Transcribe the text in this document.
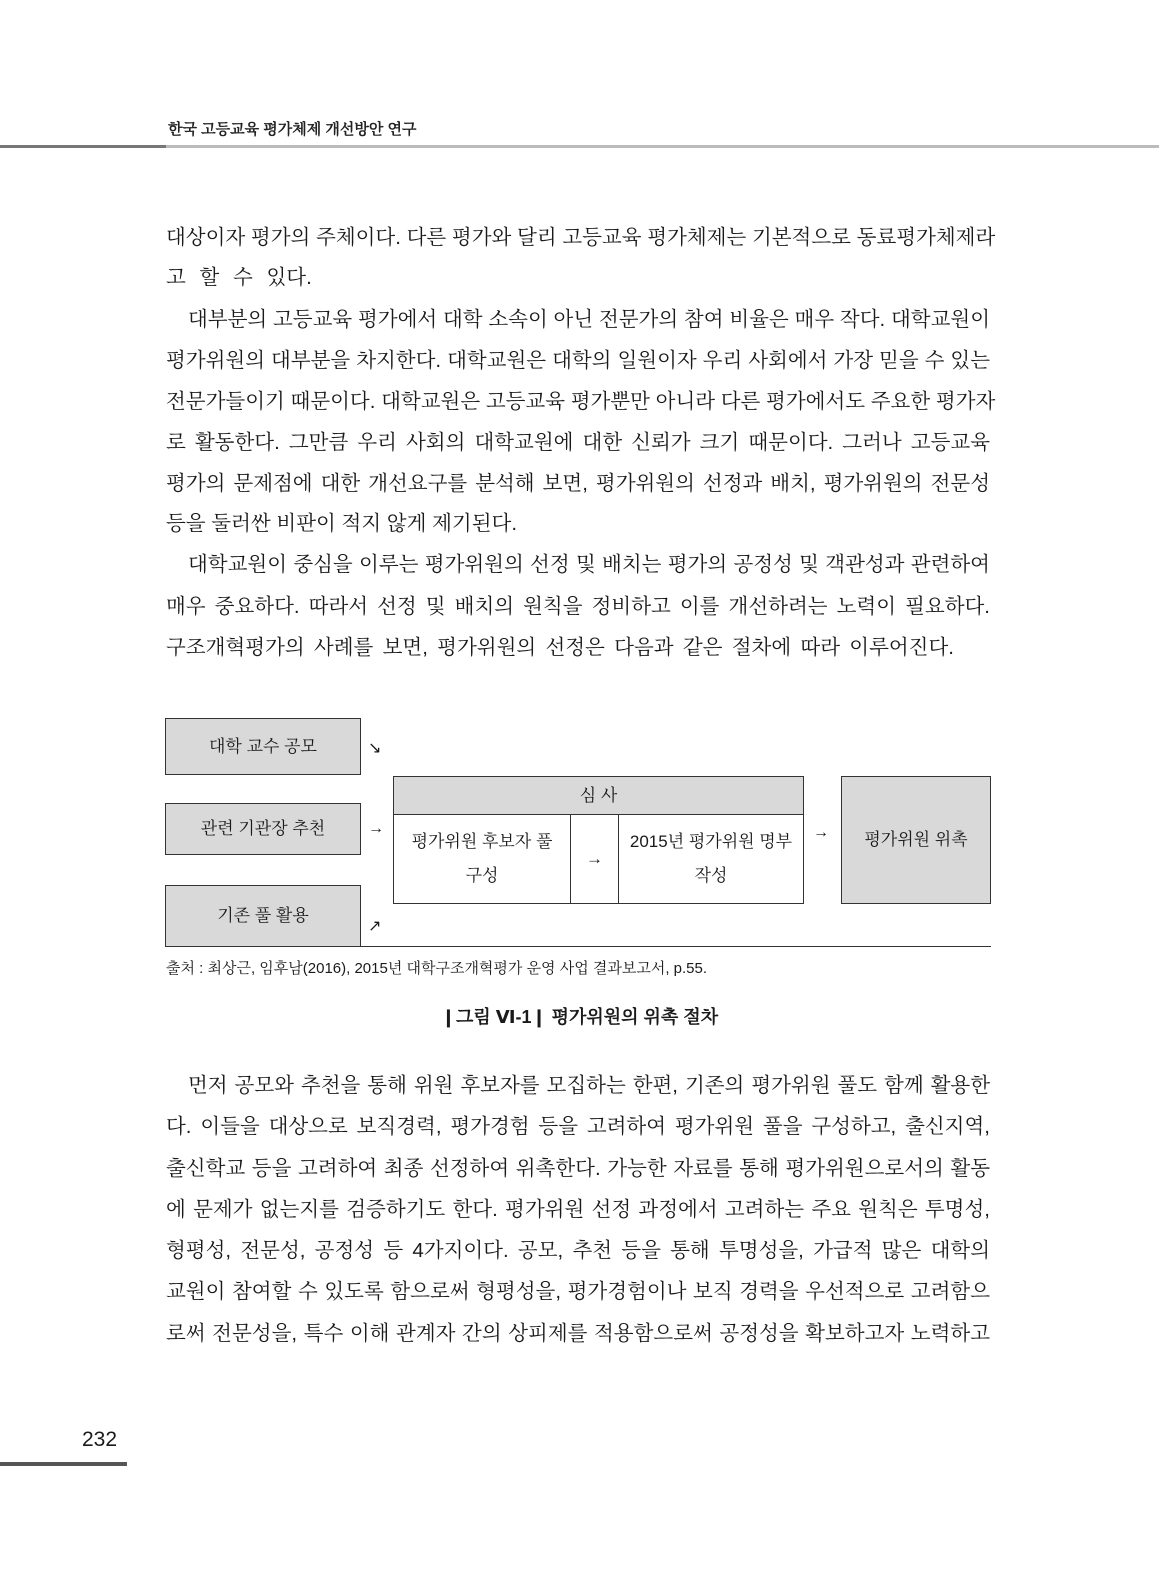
한국 고등교육 평가체제 개선방안 연구
대상이자 평가의 주체이다. 다른 평가와 달리 고등교육 평가체제는 기본적으로 동료평가체제라
고 할 수 있다.
대부분의 고등교육 평가에서 대학 소속이 아닌 전문가의 참여 비율은 매우 작다. 대학교원이
평가위원의 대부분을 차지한다. 대학교원은 대학의 일원이자 우리 사회에서 가장 믿을 수 있는
전문가들이기 때문이다. 대학교원은 고등교육 평가뿐만 아니라 다른 평가에서도 주요한 평가자
로 활동한다. 그만큼 우리 사회의 대학교원에 대한 신뢰가 크기 때문이다. 그러나 고등교육
평가의 문제점에 대한 개선요구를 분석해 보면, 평가위원의 선정과 배치, 평가위원의 전문성
등을 둘러싼 비판이 적지 않게 제기된다.
대학교원이 중심을 이루는 평가위원의 선정 및 배치는 평가의 공정성 및 객관성과 관련하여
매우 중요하다. 따라서 선정 및 배치의 원칙을 정비하고 이를 개선하려는 노력이 필요하다.
구조개혁평가의 사례를 보면, 평가위원의 선정은 다음과 같은 절차에 따라 이루어진다.
대학 교수 공모
관련 기관장 추천
기존 풀 활용
↘
→
↗
심 사
평가위원 후보자 풀
구성
→
2015년 평가위원 명부
작성
→	평가위원 위촉
출처 : 최상근, 임후남(2016), 2015년 대학구조개혁평가 운영 사업 결과보고서, p.55.
❙그림 Ⅵ-1❙ 평가위원의 위촉 절차
먼저 공모와 추천을 통해 위원 후보자를 모집하는 한편, 기존의 평가위원 풀도 함께 활용한
다. 이들을 대상으로 보직경력, 평가경험 등을 고려하여 평가위원 풀을 구성하고, 출신지역,
출신학교 등을 고려하여 최종 선정하여 위촉한다. 가능한 자료를 통해 평가위원으로서의 활동
에 문제가 없는지를 검증하기도 한다. 평가위원 선정 과정에서 고려하는 주요 원칙은 투명성,
형평성, 전문성, 공정성 등 4가지이다. 공모, 추천 등을 통해 투명성을, 가급적 많은 대학의
교원이 참여할 수 있도록 함으로써 형평성을, 평가경험이나 보직 경력을 우선적으로 고려함으
로써 전문성을, 특수 이해 관계자 간의 상피제를 적용함으로써 공정성을 확보하고자 노력하고
232
